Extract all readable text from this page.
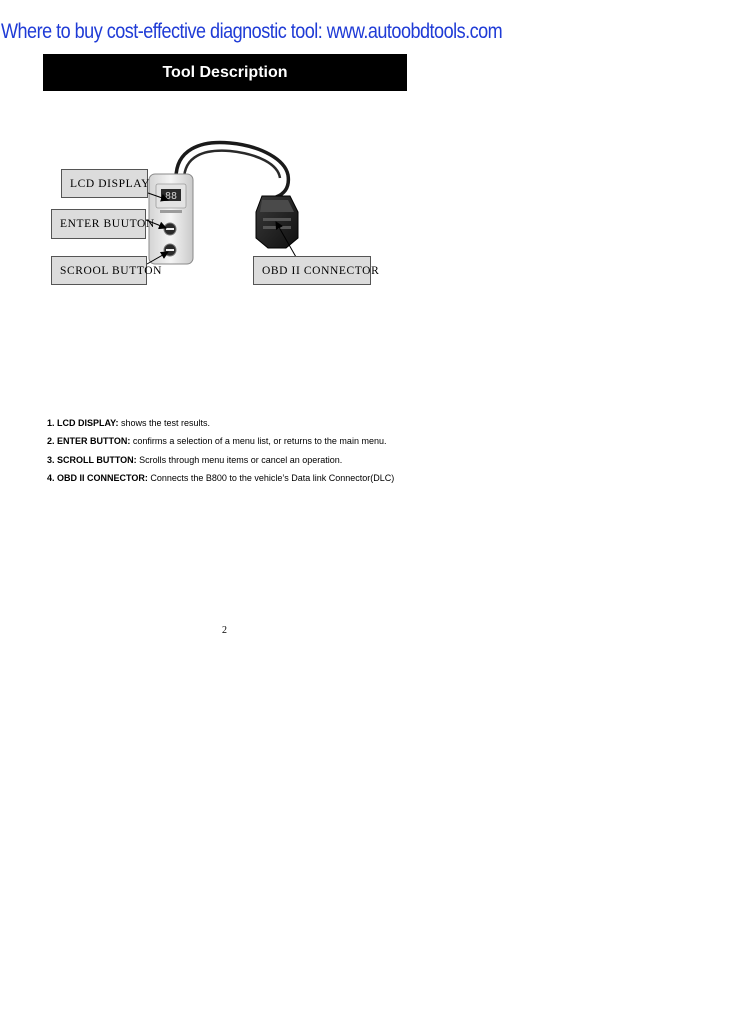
Where to buy cost-effective diagnostic tool: www.autoobdtools.com
Tool Description
88
LCD DISPLAY
ENTER BUUTON
SCROOL BUTTON	OBD II CONNECTOR
1. LCD DISPLAY: shows the test results.
2. ENTER BUTTON: confirms a selection of a menu list, or returns to the main menu.
3. SCROLL BUTTON: Scrolls through menu items or cancel an operation.
4. OBD II CONNECTOR: Connects the B800 to the vehicle’s Data link Connector(DLC)
2
